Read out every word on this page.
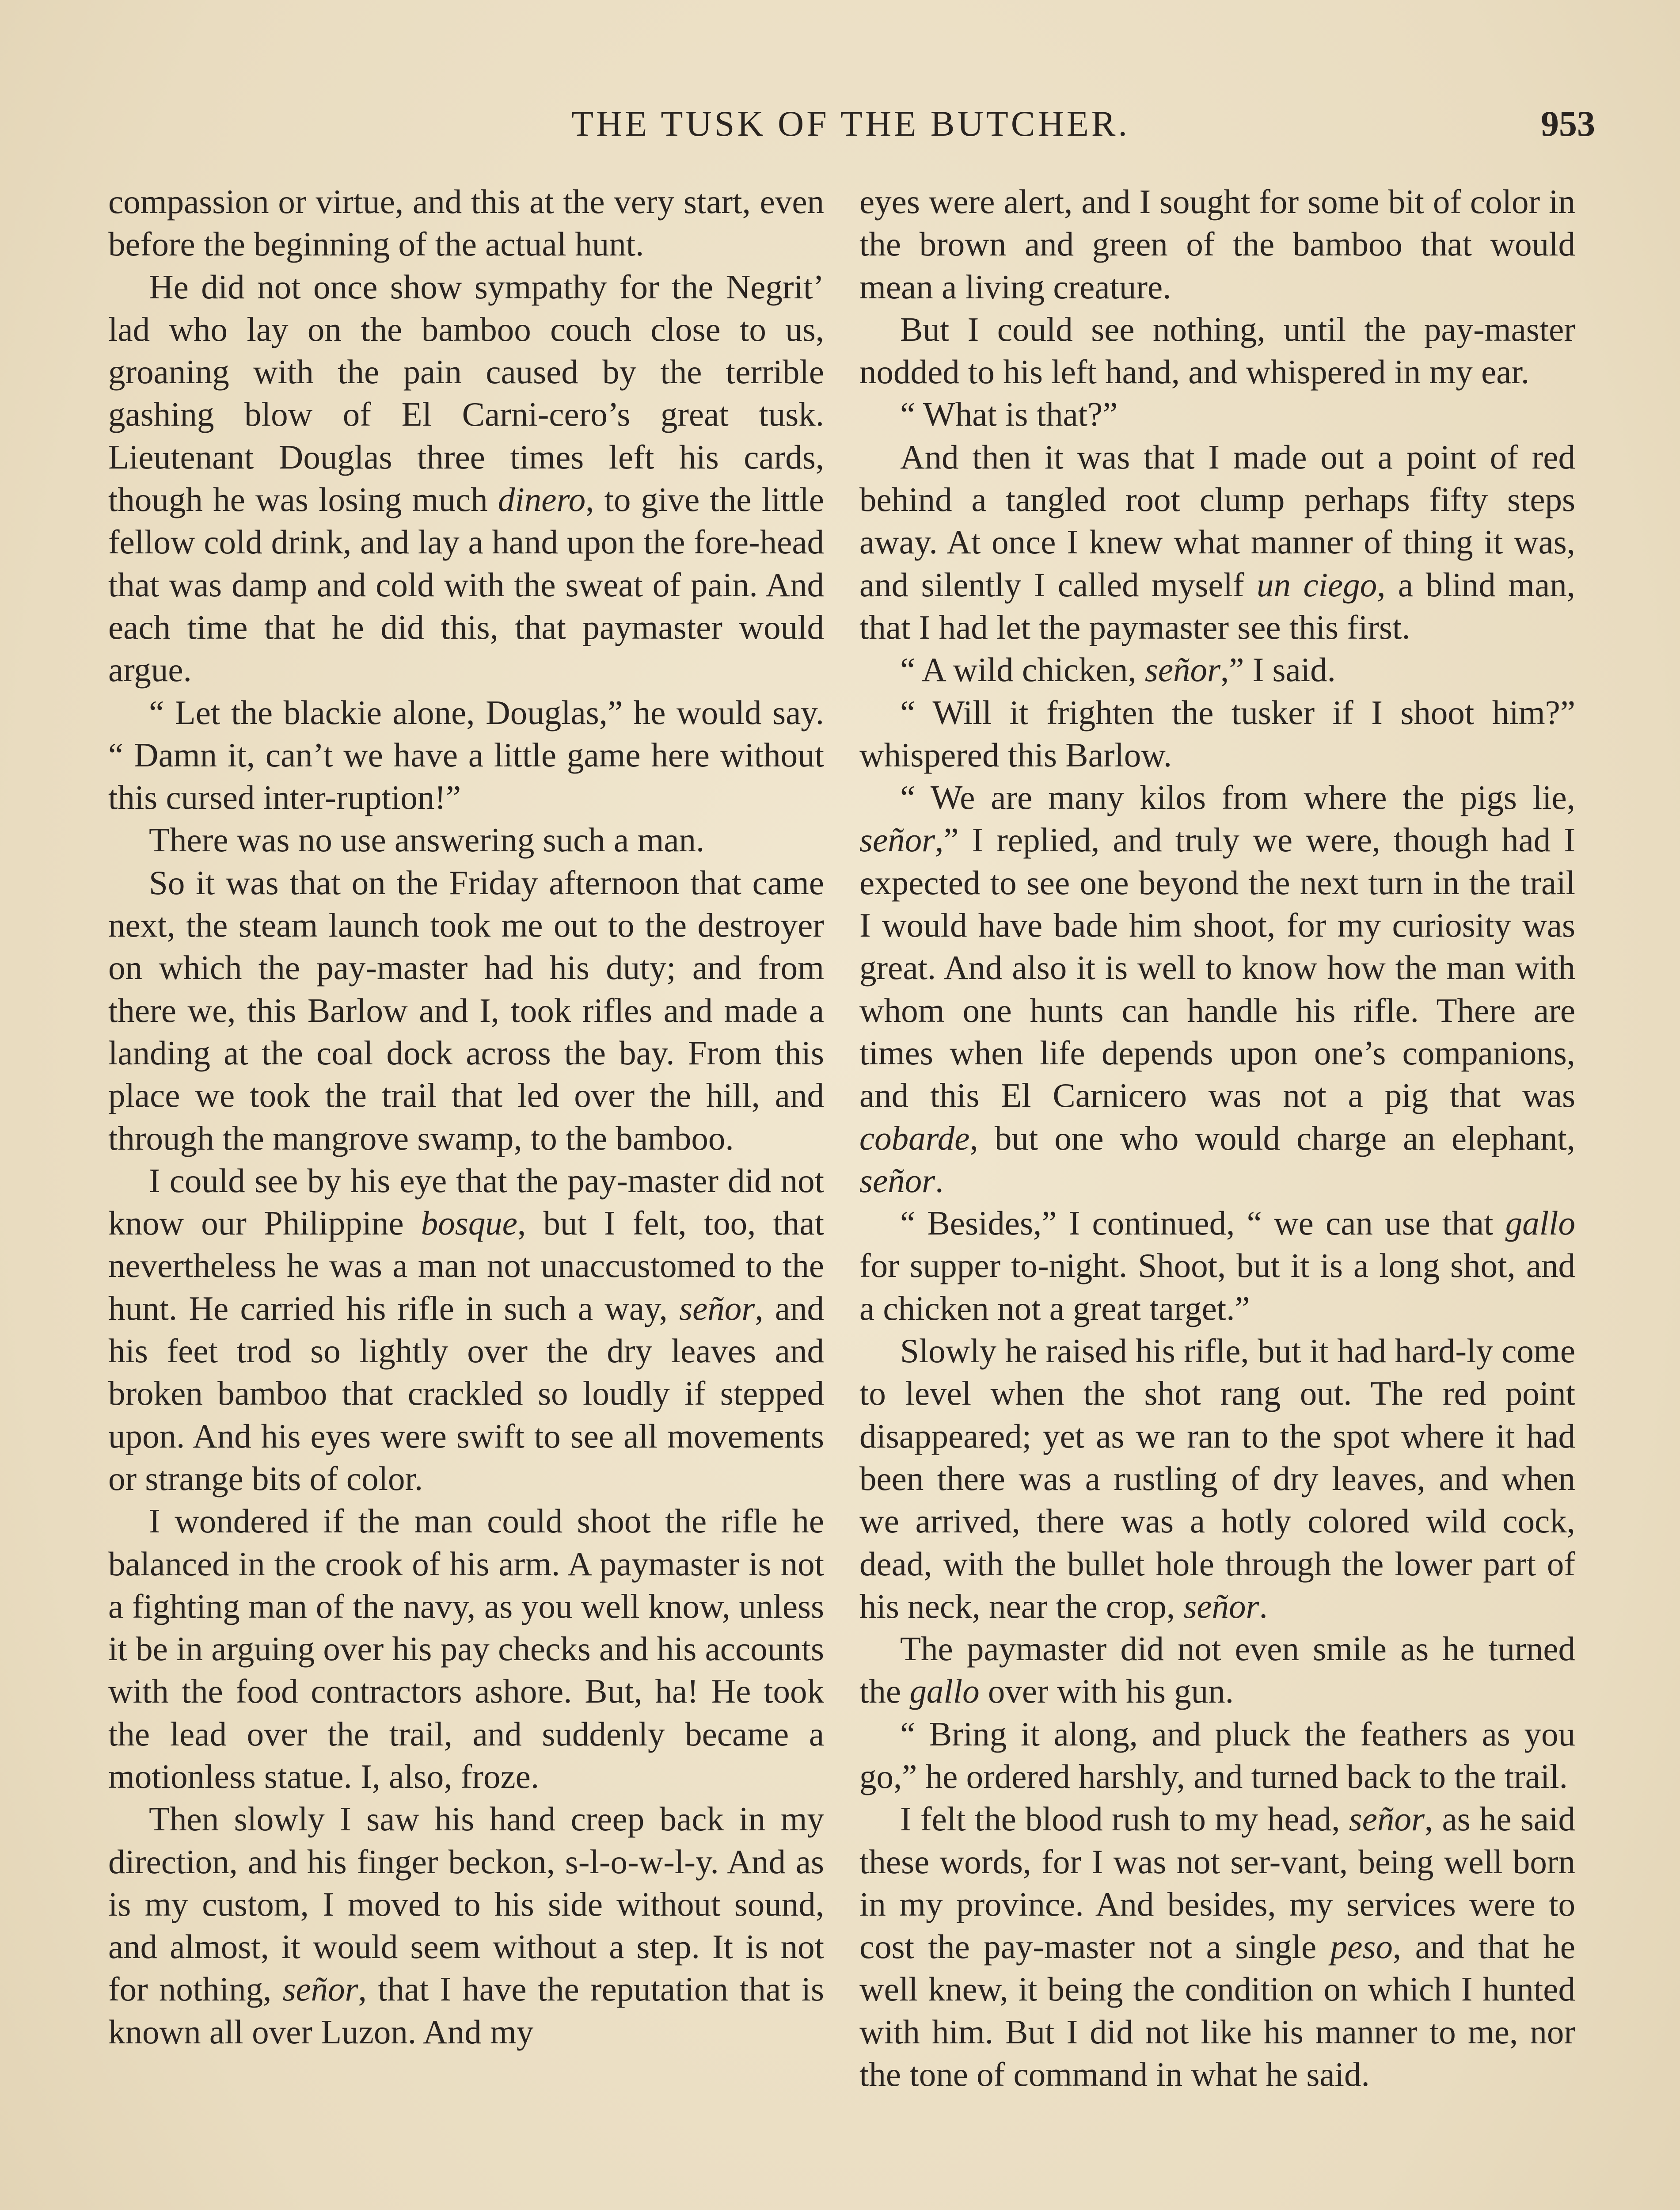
THE TUSK OF THE BUTCHER.	953

compassion or virtue, and this at the very start, even before the beginning of the actual hunt.

He did not once show sympathy for the Negrit’ lad who lay on the bamboo couch close to us, groaning with the pain caused by the terrible gashing blow of El Carni-cero’s great tusk. Lieutenant Douglas three times left his cards, though he was losing much dinero, to give the little fellow cold drink, and lay a hand upon the fore-head that was damp and cold with the sweat of pain. And each time that he did this, that paymaster would argue.

“ Let the blackie alone, Douglas,” he would say. “ Damn it, can’t we have a little game here without this cursed inter-ruption!”

There was no use answering such a man.

So it was that on the Friday afternoon that came next, the steam launch took me out to the destroyer on which the pay-master had his duty; and from there we, this Barlow and I, took rifles and made a landing at the coal dock across the bay. From this place we took the trail that led over the hill, and through the mangrove swamp, to the bamboo.

I could see by his eye that the pay-master did not know our Philippine bosque, but I felt, too, that nevertheless he was a man not unaccustomed to the hunt. He carried his rifle in such a way, señor, and his feet trod so lightly over the dry leaves and broken bamboo that crackled so loudly if stepped upon. And his eyes were swift to see all movements or strange bits of color.

I wondered if the man could shoot the rifle he balanced in the crook of his arm. A paymaster is not a fighting man of the navy, as you well know, unless it be in arguing over his pay checks and his accounts with the food contractors ashore. But, ha! He took the lead over the trail, and suddenly became a motionless statue. I, also, froze.

Then slowly I saw his hand creep back in my direction, and his finger beckon, s-l-o-w-l-y. And as is my custom, I moved to his side without sound, and almost, it would seem without a step. It is not for nothing, señor, that I have the reputation that is known all over Luzon. And my

eyes were alert, and I sought for some bit of color in the brown and green of the bamboo that would mean a living creature.

But I could see nothing, until the pay-master nodded to his left hand, and whispered in my ear.

“ What is that?”

And then it was that I made out a point of red behind a tangled root clump perhaps fifty steps away. At once I knew what manner of thing it was, and silently I called myself un ciego, a blind man, that I had let the paymaster see this first.

“ A wild chicken, señor,” I said.

“ Will it frighten the tusker if I shoot him?” whispered this Barlow.

“ We are many kilos from where the pigs lie, señor,” I replied, and truly we were, though had I expected to see one beyond the next turn in the trail I would have bade him shoot, for my curiosity was great. And also it is well to know how the man with whom one hunts can handle his rifle. There are times when life depends upon one’s companions, and this El Carnicero was not a pig that was cobarde, but one who would charge an elephant, señor.

“ Besides,” I continued, “ we can use that gallo for supper to-night. Shoot, but it is a long shot, and a chicken not a great target.”

Slowly he raised his rifle, but it had hard-ly come to level when the shot rang out. The red point disappeared; yet as we ran to the spot where it had been there was a rustling of dry leaves, and when we arrived, there was a hotly colored wild cock, dead, with the bullet hole through the lower part of his neck, near the crop, señor.

The paymaster did not even smile as he turned the gallo over with his gun.

“ Bring it along, and pluck the feathers as you go,” he ordered harshly, and turned back to the trail.

I felt the blood rush to my head, señor, as he said these words, for I was not ser-vant, being well born in my province. And besides, my services were to cost the pay-master not a single peso, and that he well knew, it being the condition on which I hunted with him. But I did not like his manner to me, nor the tone of command in what he said.
